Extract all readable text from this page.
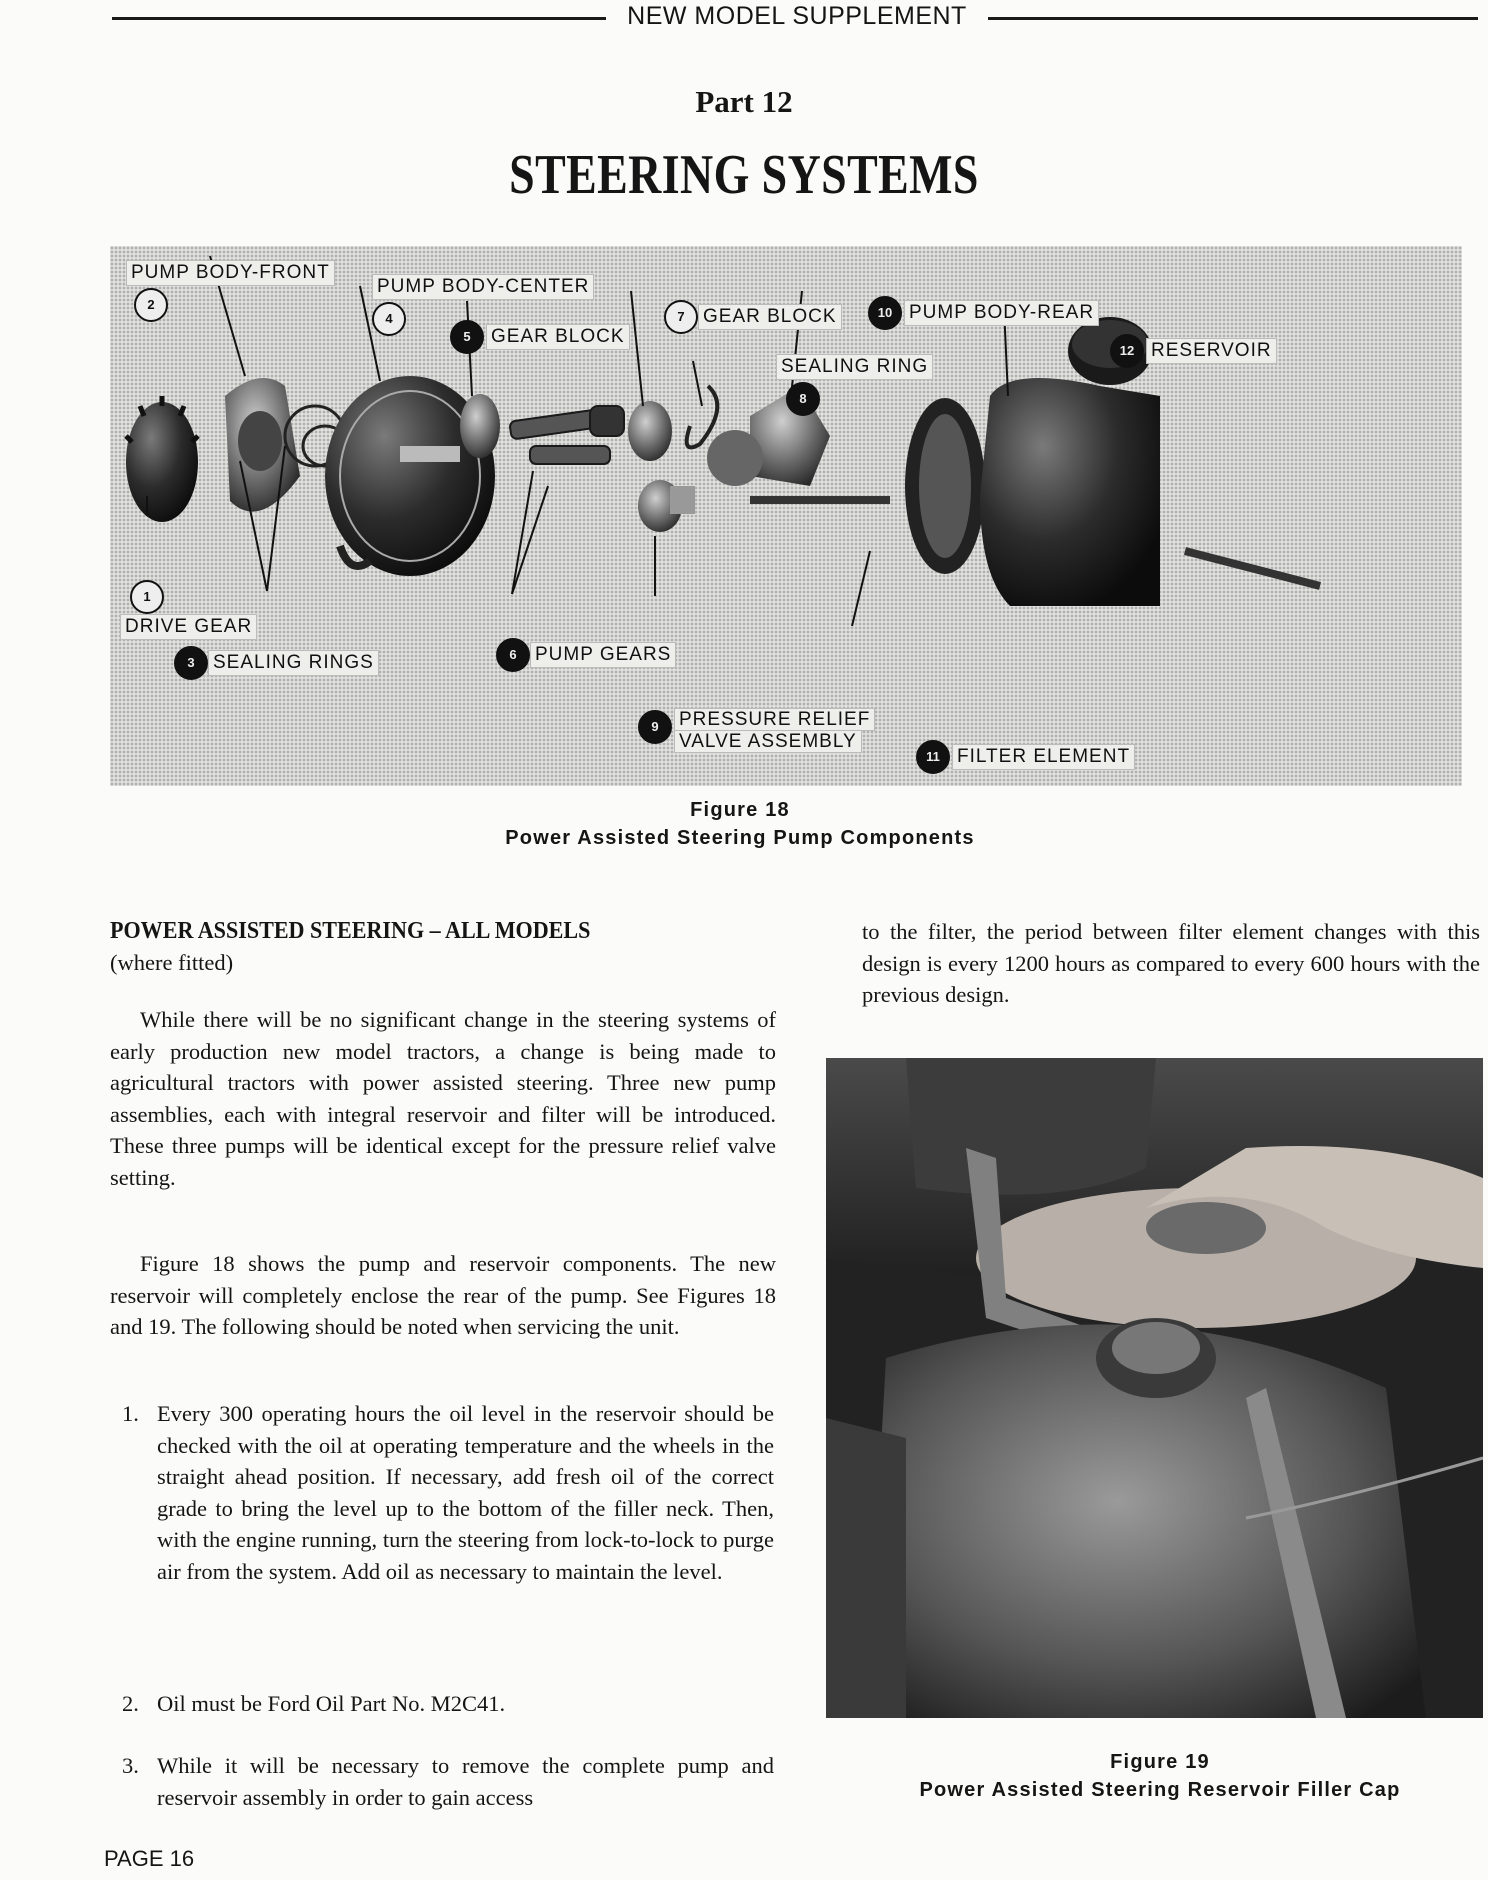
NEW MODEL SUPPLEMENT
Part 12
STEERING SYSTEMS
PUMP BODY-FRONT
2
PUMP BODY-CENTER
4
5	GEAR BLOCK
7 GEAR BLOCK	10 PUMP BODY-REAR
12 RESERVOIR
SEALING RING
8
1
DRIVE GEAR
3 SEALING RINGS	6 PUMP GEARS
9	PRESSURE RELIEF
VALVE ASSEMBLY
11 FILTER ELEMENT
Figure 18
Power Assisted Steering Pump Components
POWER ASSISTED STEERING – ALL MODELS
(where fitted)

While there will be no significant change in the steering systems of early production new model tractors, a change is being made to agricultural tractors with power assisted steering. Three new pump assemblies, each with integral reservoir and filter will be introduced. These three pumps will be identical except for the pressure relief valve setting.

Figure 18 shows the pump and reservoir components. The new reservoir will completely enclose the rear of the pump. See Figures 18 and 19. The following should be noted when servicing the unit.

1. Every 300 operating hours the oil level in the reservoir should be checked with the oil at operating temperature and the wheels in the straight ahead position. If necessary, add fresh oil of the correct grade to bring the level up to the bottom of the filler neck. Then, with the engine running, turn the steering from lock-to-lock to purge air from the system. Add oil as necessary to maintain the level.
2. Oil must be Ford Oil Part No. M2C41.
3. While it will be necessary to remove the complete pump and reservoir assembly in order to gain access

to the filter, the period between filter element changes with this design is every 1200 hours as compared to every 600 hours with the previous design.

Figure 19
Power Assisted Steering Reservoir Filler Cap
PAGE 16
